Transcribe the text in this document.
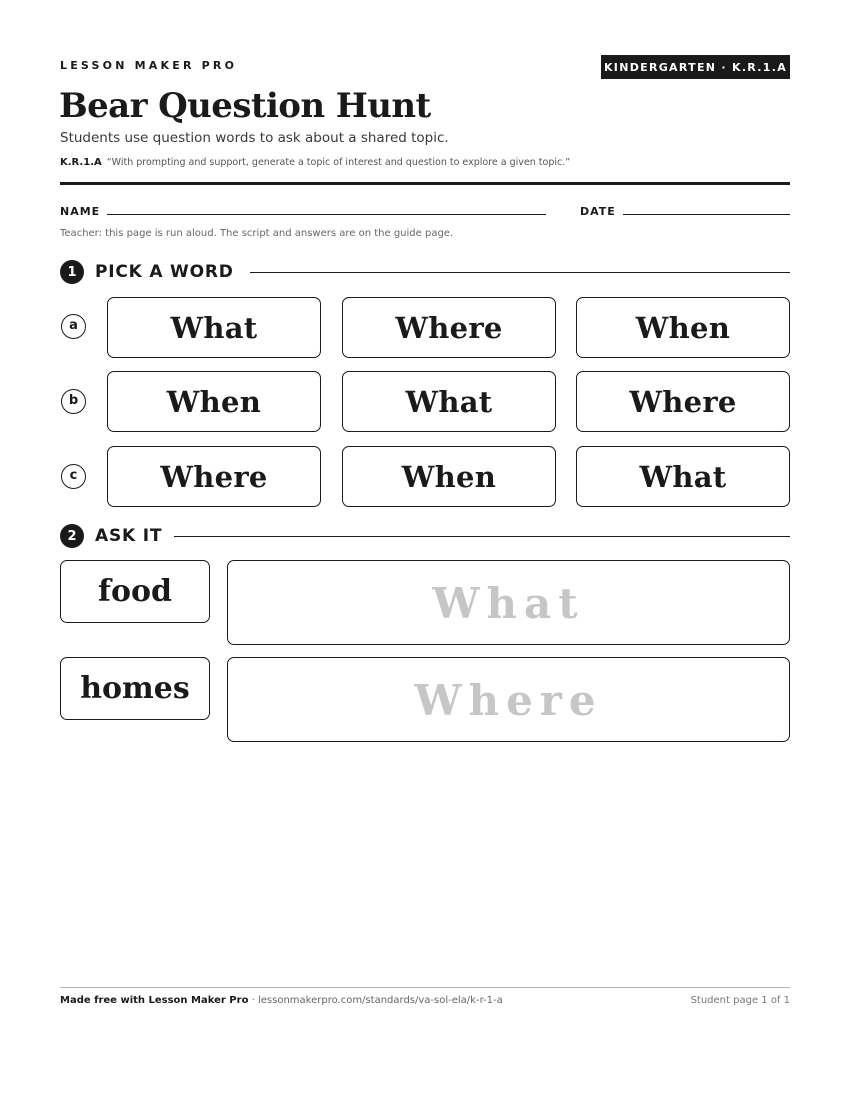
LESSON MAKER PRO	KINDERGARTEN · K.R.1.A
Bear Question Hunt
Students use question words to ask about a shared topic.
K.R.1.A “With prompting and support, generate a topic of interest and question to explore a given topic.”
NAME	DATE
Teacher: this page is run aloud. The script and answers are on the guide page.
1	PICK A WORD
a	What	Where	When
b	When	What	Where
c	Where	When	What
2	ASK IT
food	What
homes	Where
Made free with Lesson Maker Pro · lessonmakerpro.com/standards/va-sol-ela/k-r-1-a	Student page 1 of 1
